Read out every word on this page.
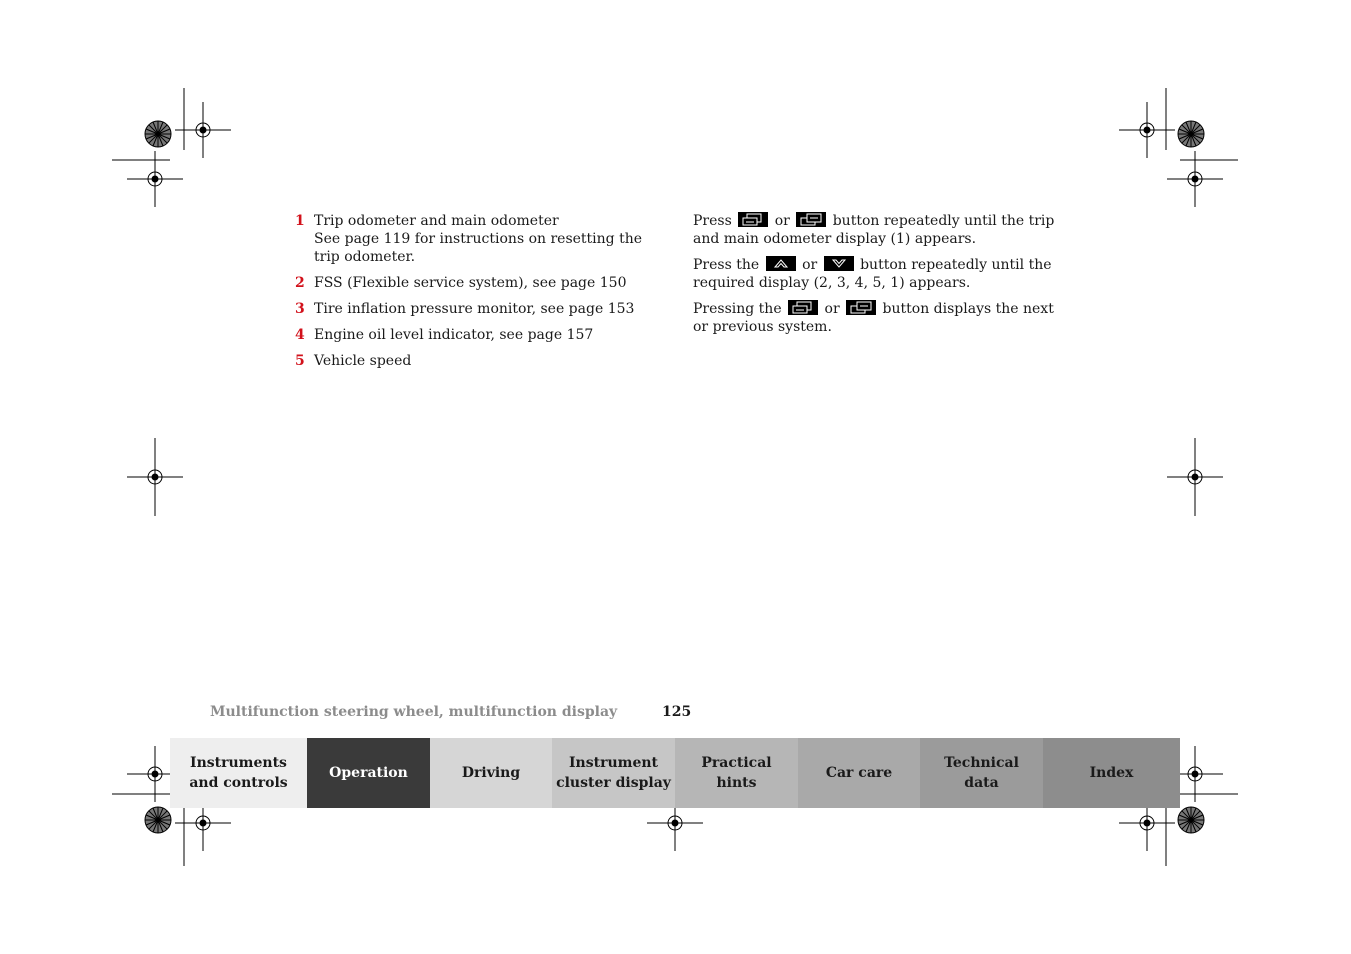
1 Trip odometer and main odometer
See page 119 for instructions on resetting the trip odometer.
2 FSS (Flexible service system), see page 150
3 Tire inflation pressure monitor, see page 153
4 Engine oil level indicator, see page 157
5 Vehicle speed

Press	or	button repeatedly until the trip and main odometer display (1) appears.

Press the	or	button repeatedly until the required display (2, 3, 4, 5, 1) appears.

Pressing the	or	button displays the next or previous system.

Multifunction steering wheel, multifunction display	125
Instruments
and controls
Operation	Driving
Instrument
cluster display
Practical hints
Car care
Technical
data
Index
